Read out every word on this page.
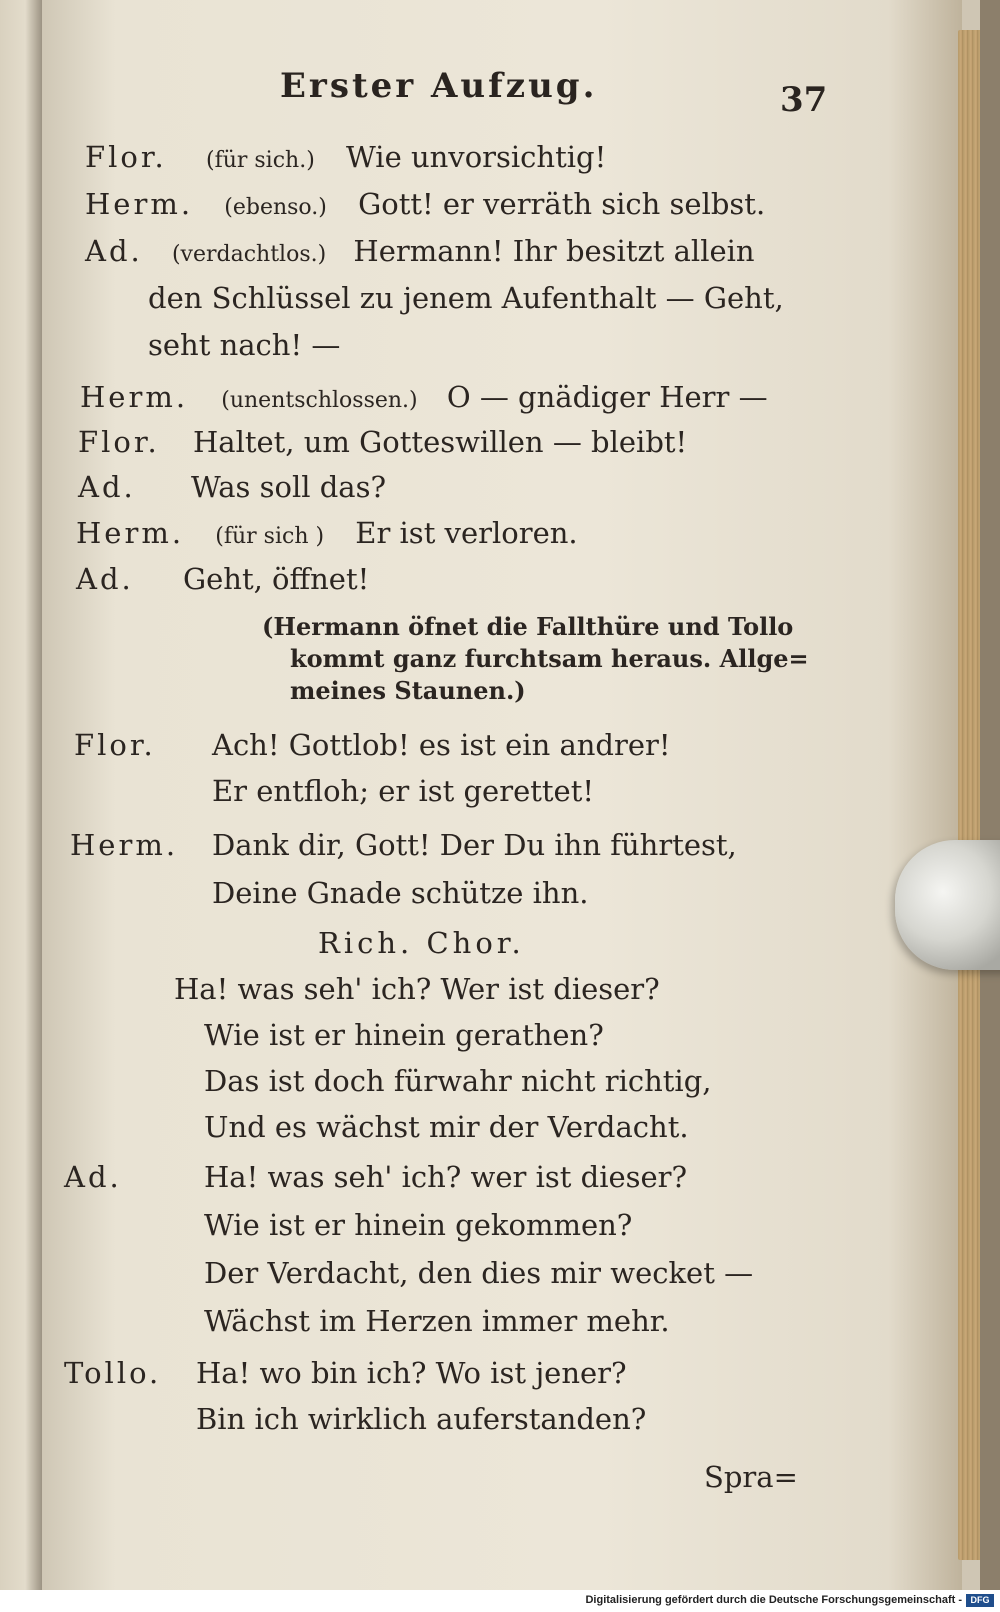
Erster Aufzug.	37
Flor. (für sich.) Wie unvorsichtig!
Herm. (ebenso.) Gott! er verräth sich selbst.
Ad. (verdachtlos.) Hermann! Ihr besitzt allein
den Schlüssel zu jenem Aufenthalt — Geht,
seht nach! —
Herm. (unentschlossen.) O — gnädiger Herr —
Flor. Haltet, um Gotteswillen — bleibt!
Ad. Was soll das?
Herm. (für sich ) Er ist verloren.
Ad. Geht, öffnet!
(Hermann öfnet die Fallthüre und Tollo
kommt ganz furchtsam heraus. Allge=
meines Staunen.)
Flor. Ach! Gottlob! es ist ein andrer!
Er entfloh; er ist gerettet!
Herm. Dank dir, Gott! Der Du ihn führtest,
Deine Gnade schütze ihn.
Rich. Chor.
Ha! was seh' ich? Wer ist dieser?
Wie ist er hinein gerathen?
Das ist doch fürwahr nicht richtig,
Und es wächst mir der Verdacht.
Ad.	Ha! was seh' ich? wer ist dieser?
Wie ist er hinein gekommen?
Der Verdacht, den dies mir wecket —
Wächst im Herzen immer mehr.
Tollo. Ha! wo bin ich? Wo ist jener?
Bin ich wirklich auferstanden?
Spra=
Digitalisierung gefördert durch die Deutsche Forschungsgemeinschaft - DFG
